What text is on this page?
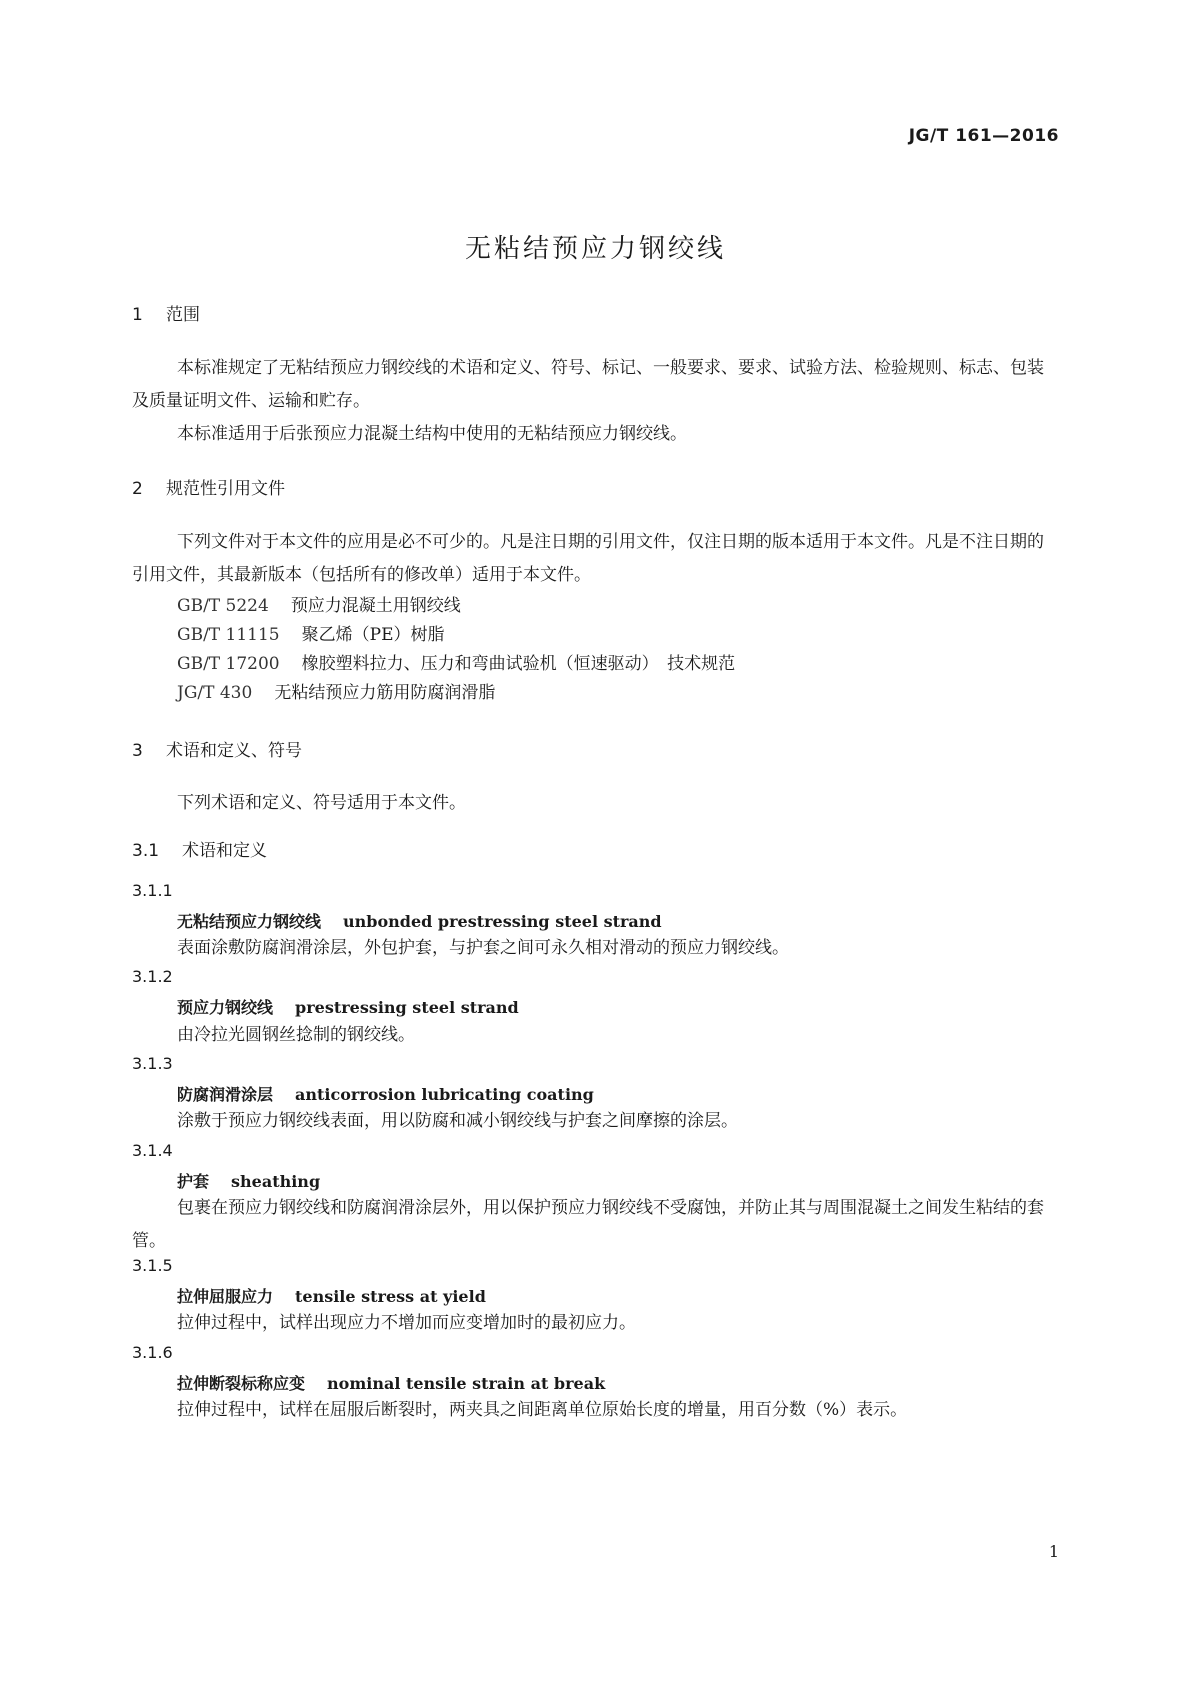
JG/T 161—2016
无粘结预应力钢绞线
1 范围
本标准规定了无粘结预应力钢绞线的术语和定义、符号、标记、一般要求、要求、试验方法、检验规则、标志、包装及质量证明文件、运输和贮存。
本标准适用于后张预应力混凝土结构中使用的无粘结预应力钢绞线。
2 规范性引用文件
下列文件对于本文件的应用是必不可少的。凡是注日期的引用文件，仅注日期的版本适用于本文件。凡是不注日期的引用文件，其最新版本（包括所有的修改单）适用于本文件。
GB/T 5224 预应力混凝土用钢绞线
GB/T 11115 聚乙烯（PE）树脂
GB/T 17200 橡胶塑料拉力、压力和弯曲试验机（恒速驱动）　技术规范
JG/T 430 无粘结预应力筋用防腐润滑脂
3 术语和定义、符号
下列术语和定义、符号适用于本文件。
3.1 术语和定义
3.1.1
无粘结预应力钢绞线 unbonded prestressing steel strand
表面涂敷防腐润滑涂层，外包护套，与护套之间可永久相对滑动的预应力钢绞线。
3.1.2
预应力钢绞线 prestressing steel strand
由冷拉光圆钢丝捻制的钢绞线。
3.1.3
防腐润滑涂层 anticorrosion lubricating coating
涂敷于预应力钢绞线表面，用以防腐和减小钢绞线与护套之间摩擦的涂层。
3.1.4
护套 sheathing
包裹在预应力钢绞线和防腐润滑涂层外，用以保护预应力钢绞线不受腐蚀，并防止其与周围混凝土之间发生粘结的套管。
3.1.5
拉伸屈服应力 tensile stress at yield
拉伸过程中，试样出现应力不增加而应变增加时的最初应力。
3.1.6
拉伸断裂标称应变 nominal tensile strain at break
拉伸过程中，试样在屈服后断裂时，两夹具之间距离单位原始长度的增量，用百分数（%）表示。
1
